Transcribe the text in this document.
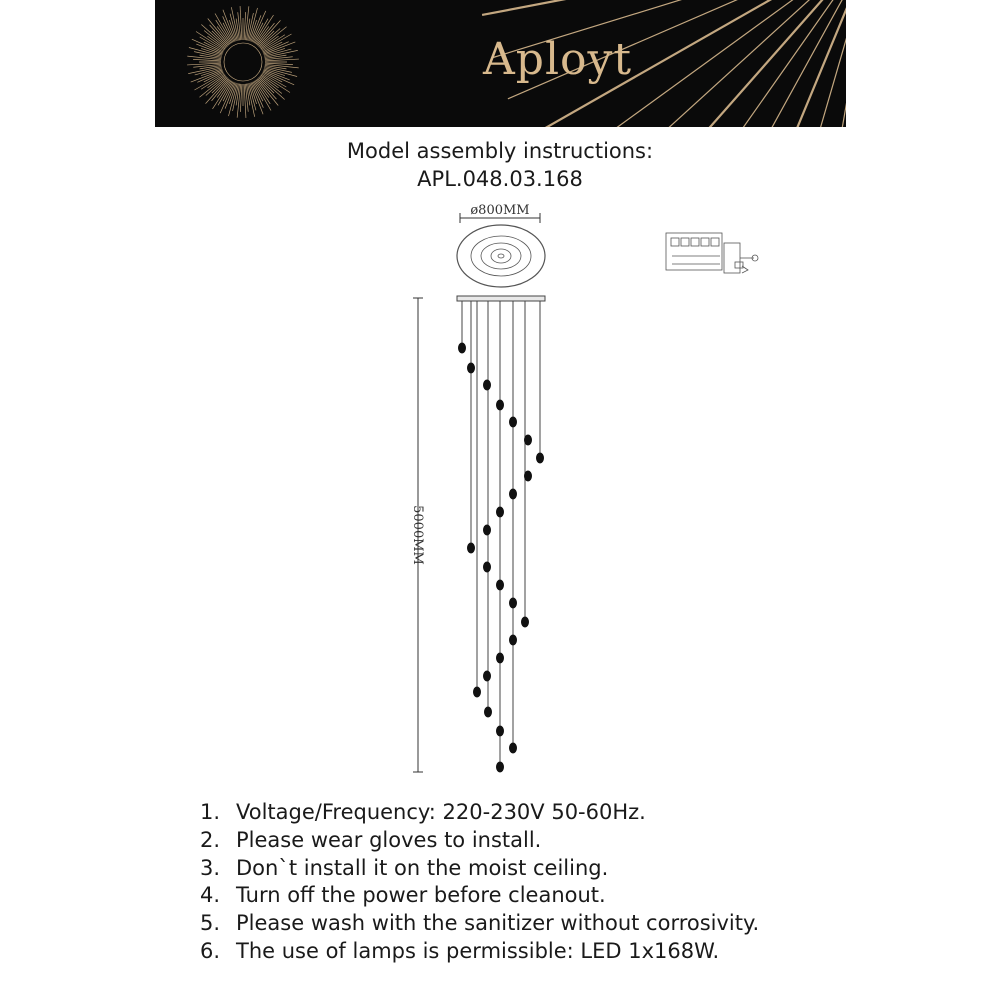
Aployt
Model assembly instructions:
APL.048.03.168
ø800MM
5000MM
1. Voltage/Frequency: 220-230V 50-60Hz.
2. Please wear gloves to install.
3. Don`t install it on the moist ceiling.
4. Turn off the power before cleanout.
5. Please wash with the sanitizer without corrosivity.
6. The use of lamps is permissible: LED 1x168W.
